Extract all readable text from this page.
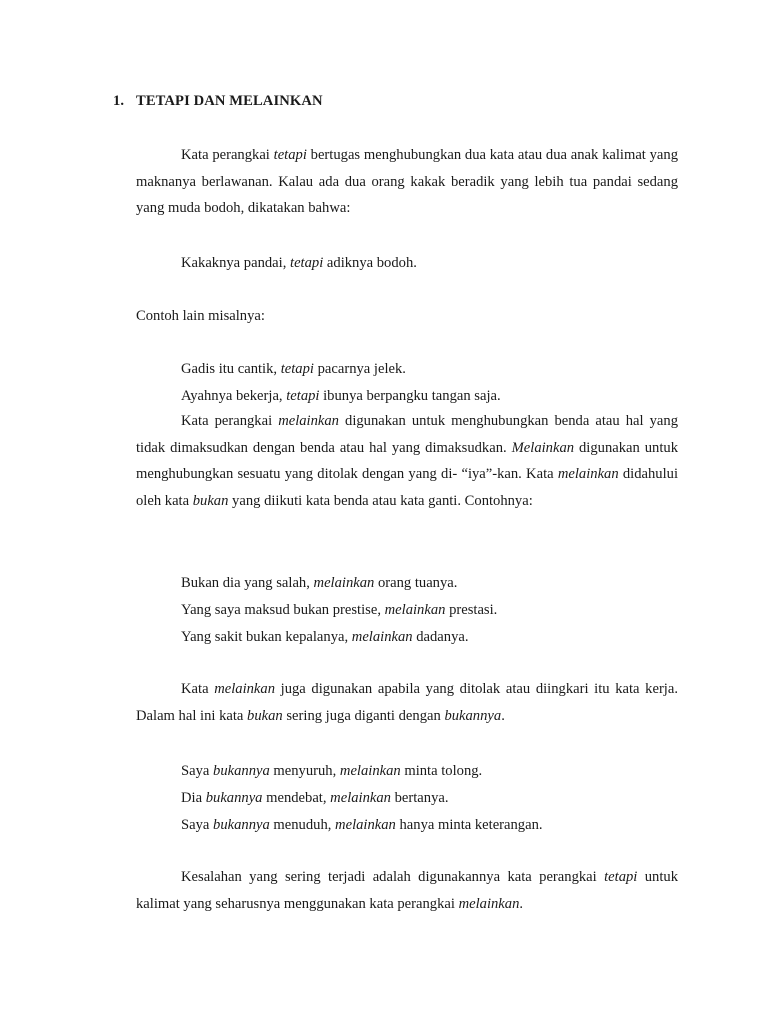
1. TETAPI DAN MELAINKAN

Kata perangkai tetapi bertugas menghubungkan dua kata atau dua anak kalimat yang maknanya berlawanan. Kalau ada dua orang kakak beradik yang lebih tua pandai sedang yang muda bodoh, dikatakan bahwa:

Kakaknya pandai, tetapi adiknya bodoh.
Contoh lain misalnya:
Gadis itu cantik, tetapi pacarnya jelek.
Ayahnya bekerja, tetapi ibunya berpangku tangan saja.

Kata perangkai melainkan digunakan untuk menghubungkan benda atau hal yang tidak dimaksudkan dengan benda atau hal yang dimaksudkan. Melainkan digunakan untuk menghubungkan sesuatu yang ditolak dengan yang di- “iya”-kan. Kata melainkan didahului oleh kata bukan yang diikuti kata benda atau kata ganti. Contohnya:

Bukan dia yang salah, melainkan orang tuanya.
Yang saya maksud bukan prestise, melainkan prestasi.
Yang sakit bukan kepalanya, melainkan dadanya.

Kata melainkan juga digunakan apabila yang ditolak atau diingkari itu kata kerja. Dalam hal ini kata bukan sering juga diganti dengan bukannya.

Saya bukannya menyuruh, melainkan minta tolong.
Dia bukannya mendebat, melainkan bertanya.
Saya bukannya menuduh, melainkan hanya minta keterangan.

Kesalahan yang sering terjadi adalah digunakannya kata perangkai tetapi untuk kalimat yang seharusnya menggunakan kata perangkai melainkan.
